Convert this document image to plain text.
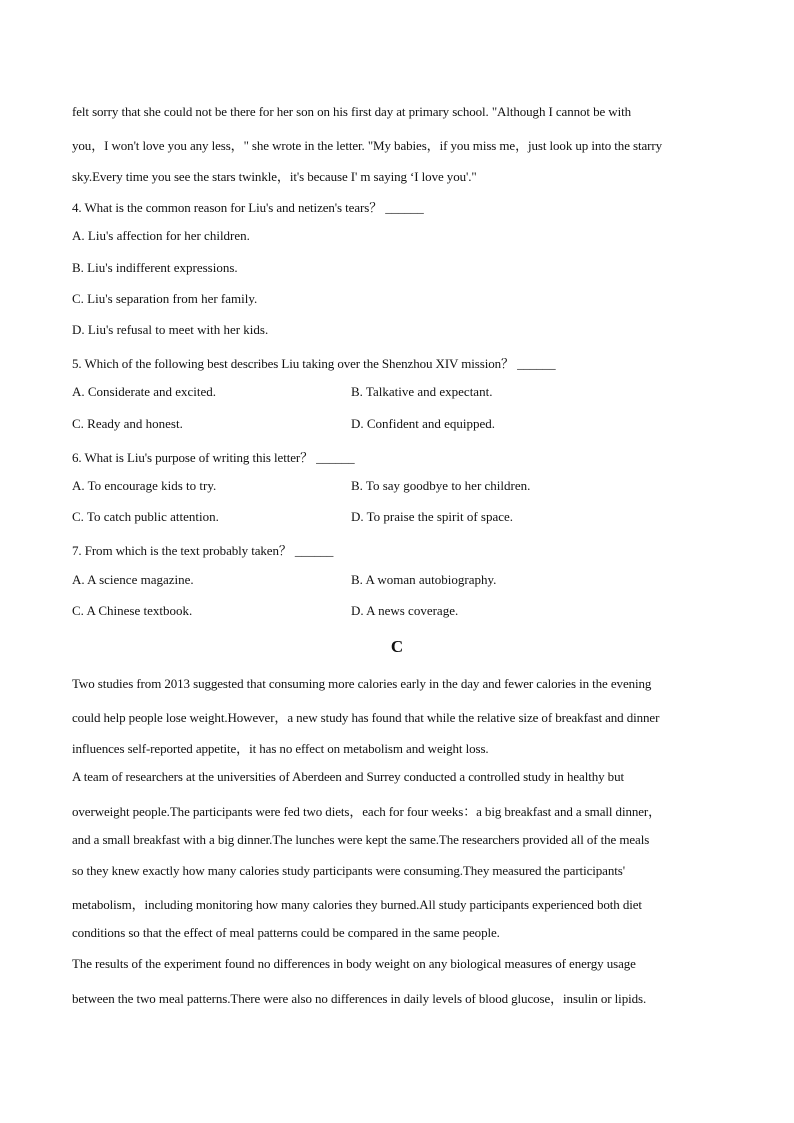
felt sorry that she could not be there for her son on his first day at primary school. "Although I cannot be with
you，I won't love you any less，" she wrote in the letter. "My babies，if you miss me，just look up into the starry
sky.Every time you see the stars twinkle，it's because I' m saying ‘I love you'."
4. What is the common reason for Liu's and netizen's tears？ ______
A. Liu's affection for her children.
B. Liu's indifferent expressions.
C. Liu's separation from her family.
D. Liu's refusal to meet with her kids.
5. Which of the following best describes Liu taking over the Shenzhou XIV mission？ ______
A. Considerate and excited.	B. Talkative and expectant.
C. Ready and honest.	D. Confident and equipped.
6. What is Liu's purpose of writing this letter？ ______
A. To encourage kids to try.	B. To say goodbye to her children.
C. To catch public attention.	D. To praise the spirit of space.
7. From which is the text probably taken？ ______
A. A science magazine.	B. A woman autobiography.
C. A Chinese textbook.	D. A news coverage.
C
Two studies from 2013 suggested that consuming more calories early in the day and fewer calories in the evening
could help people lose weight.However，a new study has found that while the relative size of breakfast and dinner
influences self-reported appetite，it has no effect on metabolism and weight loss.
A team of researchers at the universities of Aberdeen and Surrey conducted a controlled study in healthy but
overweight people.The participants were fed two diets，each for four weeks：a big breakfast and a small dinner，
and a small breakfast with a big dinner.The lunches were kept the same.The researchers provided all of the meals
so they knew exactly how many calories study participants were consuming.They measured the participants'
metabolism，including monitoring how many calories they burned.All study participants experienced both diet
conditions so that the effect of meal patterns could be compared in the same people.
The results of the experiment found no differences in body weight on any biological measures of energy usage
between the two meal patterns.There were also no differences in daily levels of blood glucose，insulin or lipids.
